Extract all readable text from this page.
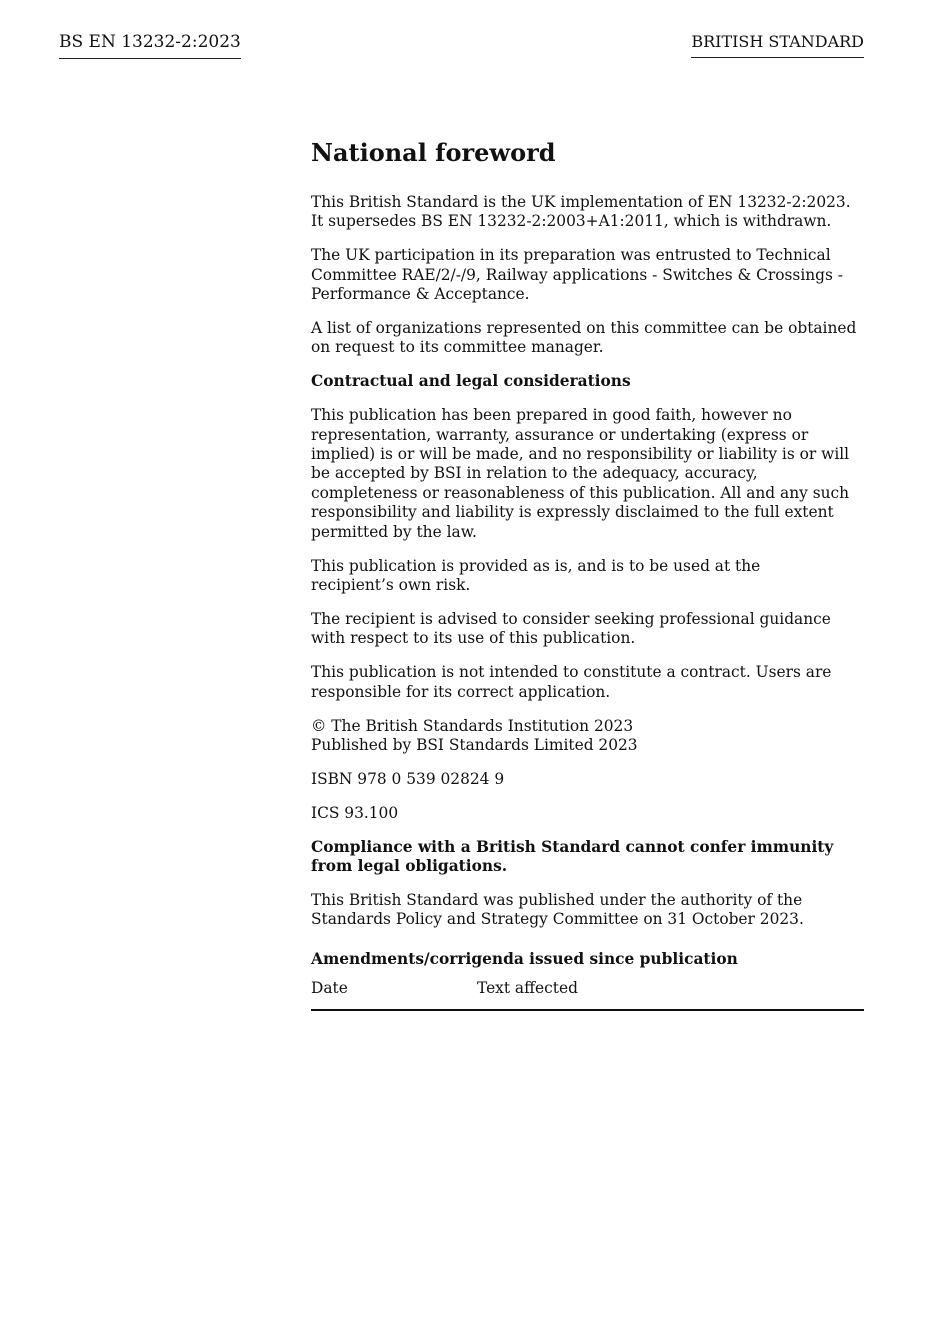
BS EN 13232-2:2023	BRITISH STANDARD
National foreword

This British Standard is the UK implementation of EN 13232-2:2023. It supersedes BS EN 13232-2:2003+A1:2011, which is withdrawn.

The UK participation in its preparation was entrusted to Technical Committee RAE/2/-/9, Railway applications - Switches & Crossings - Performance & Acceptance.

A list of organizations represented on this committee can be obtained on request to its committee manager.

Contractual and legal considerations

This publication has been prepared in good faith, however no representation, warranty, assurance or undertaking (express or implied) is or will be made, and no responsibility or liability is or will be accepted by BSI in relation to the adequacy, accuracy, completeness or reasonableness of this publication. All and any such responsibility and liability is expressly disclaimed to the full extent permitted by the law.

This publication is provided as is, and is to be used at the
recipient’s own risk.

The recipient is advised to consider seeking professional guidance with respect to its use of this publication.

This publication is not intended to constitute a contract. Users are responsible for its correct application.

© The British Standards Institution 2023
Published by BSI Standards Limited 2023

ISBN 978 0 539 02824 9

ICS 93.100

Compliance with a British Standard cannot confer immunity from legal obligations.

This British Standard was published under the authority of the Standards Policy and Strategy Committee on 31 October 2023.

Amendments/corrigenda issued since publication
Date	Text affected
